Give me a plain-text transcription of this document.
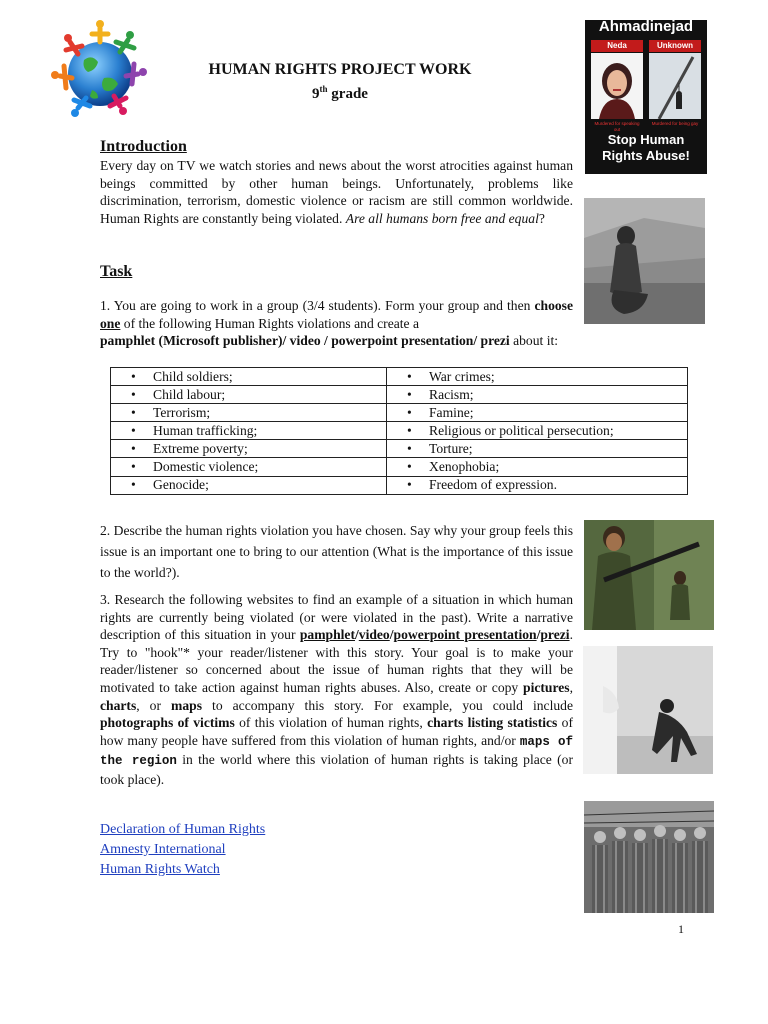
HUMAN RIGHTS PROJECT WORK
9th grade
Ahmadinejad
Neda	Unknown
Murdered for speaking out
Murdered for being gay
Stop Human Rights Abuse!
Introduction

Every day on TV we watch stories and news about the worst atrocities against human beings committed by other human beings. Unfortunately, problems like discrimination, terrorism, domestic violence or racism are still common worldwide. Human Rights are constantly being violated. Are all humans born free and equal?

Task

1. You are going to work in a group (3/4 students). Form your group and then choose one of the following Human Rights violations and create a

pamphlet (Microsoft publisher)/ video / powerpoint presentation/ prezi about it:

• Child soldiers;	• War crimes;
• Child labour;	• Racism;
• Terrorism;	• Famine;
• Human trafficking;	• Religious or political persecution;
• Extreme poverty;	• Torture;
• Domestic violence;	• Xenophobia;
• Genocide;	• Freedom of expression.

2. Describe the human rights violation you have chosen. Say why your group feels this issue is an important one to bring to our attention (What is the importance of this issue to the world?).

3. Research the following websites to find an example of a situation in which human rights are currently being violated (or were violated in the past). Write a narrative description of this situation in your pamphlet/video/powerpoint presentation/prezi. Try to "hook"* your reader/listener with this story. Your goal is to make your reader/listener so concerned about the issue of human rights that they will be motivated to take action against human rights abuses. Also, create or copy pictures, charts, or maps to accompany this story. For example, you could include photographs of victims of this violation of human rights, charts listing statistics of how many people have suffered from this violation of human rights, and/or maps of the region in the world where this violation of human rights is taking place (or took place).

Declaration of Human Rights
Amnesty International
Human Rights Watch
1
